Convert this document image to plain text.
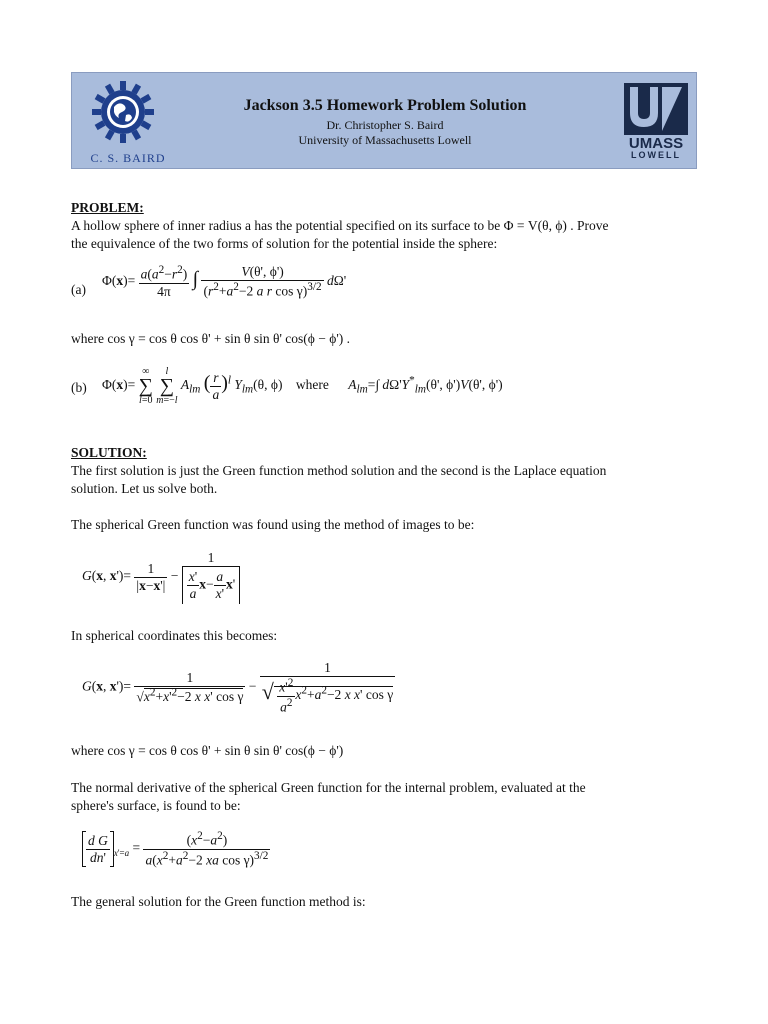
C. S. BAIRD
Jackson 3.5 Homework Problem Solution
Dr. Christopher S. Baird
University of Massachusetts Lowell	UMASS
LOWELL
PROBLEM:
A hollow sphere of inner radius a has the potential specified on its surface to be Φ = V(θ, ϕ) . Prove
the equivalence of the two forms of solution for the potential inside the sphere:
(a)
$\Phi(x)= \frac{a(a^2-r^2)}{4\pi}$ ∫ $\frac{V(\theta', \phi')}{(r^2+a^2-2 a r \cos \gamma)^{3/2}} d\Omega'$
where cos γ = cos θ cos θ' + sin θ sin θ' cos(ϕ − ϕ') .
(b) Φ(x)=
∞
∑
l=0

l
∑
m=−l
$A_{lm}$ ( $\frac{r}{a} )^l$ $Y_{lm}(\theta$, ϕ) where $A_{lm}=\int$ $d\Omega'Y^*_{lm}(\theta'$, ϕ')V(θ', ϕ')
SOLUTION:
The first solution is just the Green function method solution and the second is the Laplace equation
solution. Let us solve both.
The spherical Green function was found using the method of images to be:
G(x, $x')= \frac{1}{|x-x'|} - \frac{1}{\frac{x'}{a} x- \frac{a}{x'} x'}$
In spherical coordinates this becomes:
G(x, $x')= \frac{1}{√x^2+x'^2-2 x x' \cos \gamma} - \frac{1}{√ \frac{x'^2}{a^2} x^2+a^2-2 x x' \cos \gamma}$
where cos γ = cos θ cos θ' + sin θ sin θ' cos(ϕ − ϕ')
The normal derivative of the spherical Green function for the internal problem, evaluated at the
sphere's surface, is found to be:
$\frac{\text{d G}}{dn'} _{x'=a} = \frac{(x^2-a^2)}{a(x^2+a^2-2 xa \cos \gamma)^{3/2}}$
The general solution for the Green function method is:
